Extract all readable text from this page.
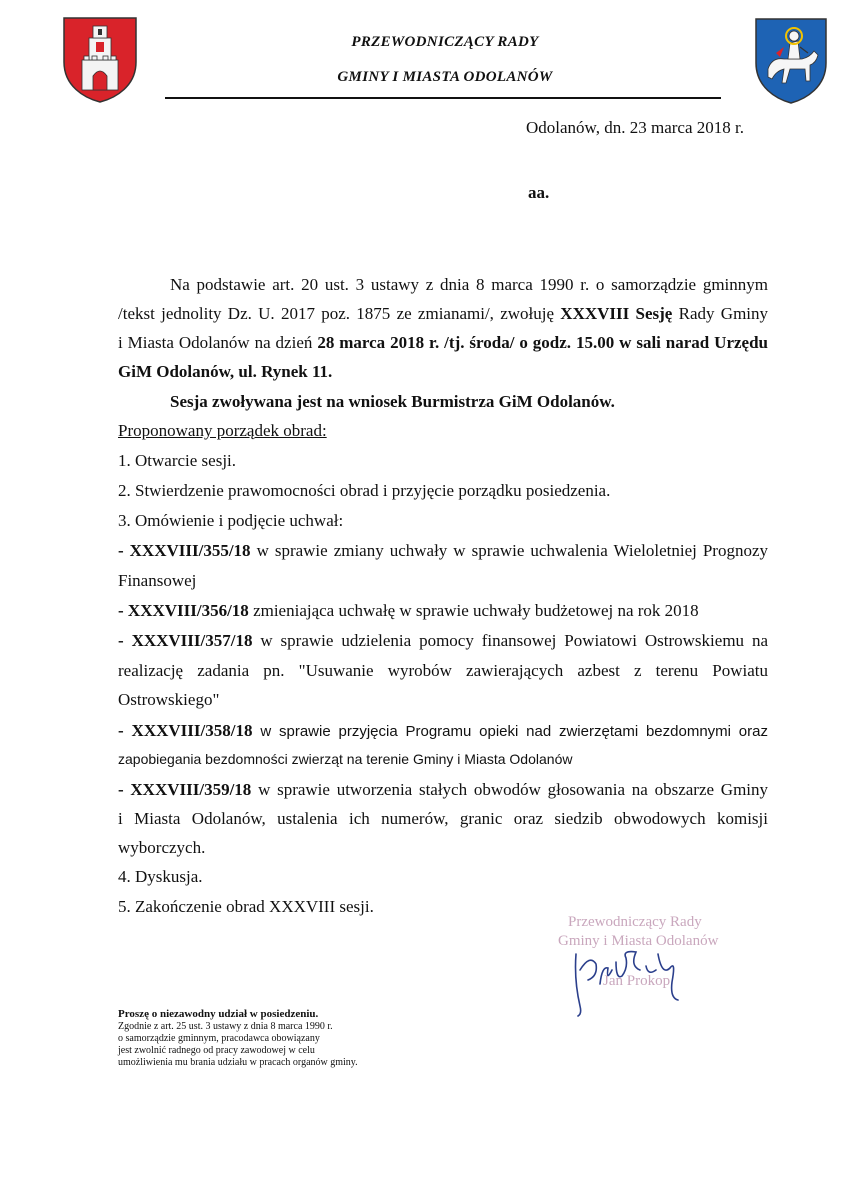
PRZEWODNICZĄCY RADY
GMINY I MIASTA ODOLANÓW
Odolanów, dn. 23 marca 2018 r.
aa.
Na podstawie art. 20 ust. 3 ustawy z dnia 8 marca 1990 r. o samorządzie gminnym
/tekst jednolity Dz. U. 2017 poz. 1875 ze zmianami/, zwołuję XXXVIII Sesję Rady Gminy
i Miasta Odolanów na dzień 28 marca 2018 r. /tj. środa/ o godz. 15.00 w sali narad Urzędu
GiM Odolanów, ul. Rynek 11.
Sesja zwoływana jest na wniosek Burmistrza GiM Odolanów.
Proponowany porządek obrad:
1. Otwarcie sesji.
2. Stwierdzenie prawomocności obrad i przyjęcie porządku posiedzenia.
3. Omówienie i podjęcie uchwał:
- XXXVIII/355/18 w sprawie zmiany uchwały w sprawie uchwalenia Wieloletniej Prognozy
Finansowej
- XXXVIII/356/18 zmieniająca uchwałę w sprawie uchwały budżetowej na rok 2018
- XXXVIII/357/18 w sprawie udzielenia pomocy finansowej Powiatowi Ostrowskiemu na
realizację zadania pn. "Usuwanie wyrobów zawierających azbest z terenu Powiatu
Ostrowskiego"
- XXXVIII/358/18 w sprawie przyjęcia Programu opieki nad zwierzętami bezdomnymi oraz
zapobiegania bezdomności zwierząt na terenie Gminy i Miasta Odolanów
- XXXVIII/359/18 w sprawie utworzenia stałych obwodów głosowania na obszarze Gminy
i Miasta Odolanów, ustalenia ich numerów, granic oraz siedzib obwodowych komisji
wyborczych.
4. Dyskusja.
5. Zakończenie obrad XXXVIII sesji.
Przewodniczący Rady
Gminy i Miasta Odolanów
Jan Prokop
Proszę o niezawodny udział w posiedzeniu.
Zgodnie z art. 25 ust. 3 ustawy z dnia 8 marca 1990 r.
o samorządzie gminnym, pracodawca obowiązany
jest zwolnić radnego od pracy zawodowej w celu
umożliwienia mu brania udziału w pracach organów gminy.
